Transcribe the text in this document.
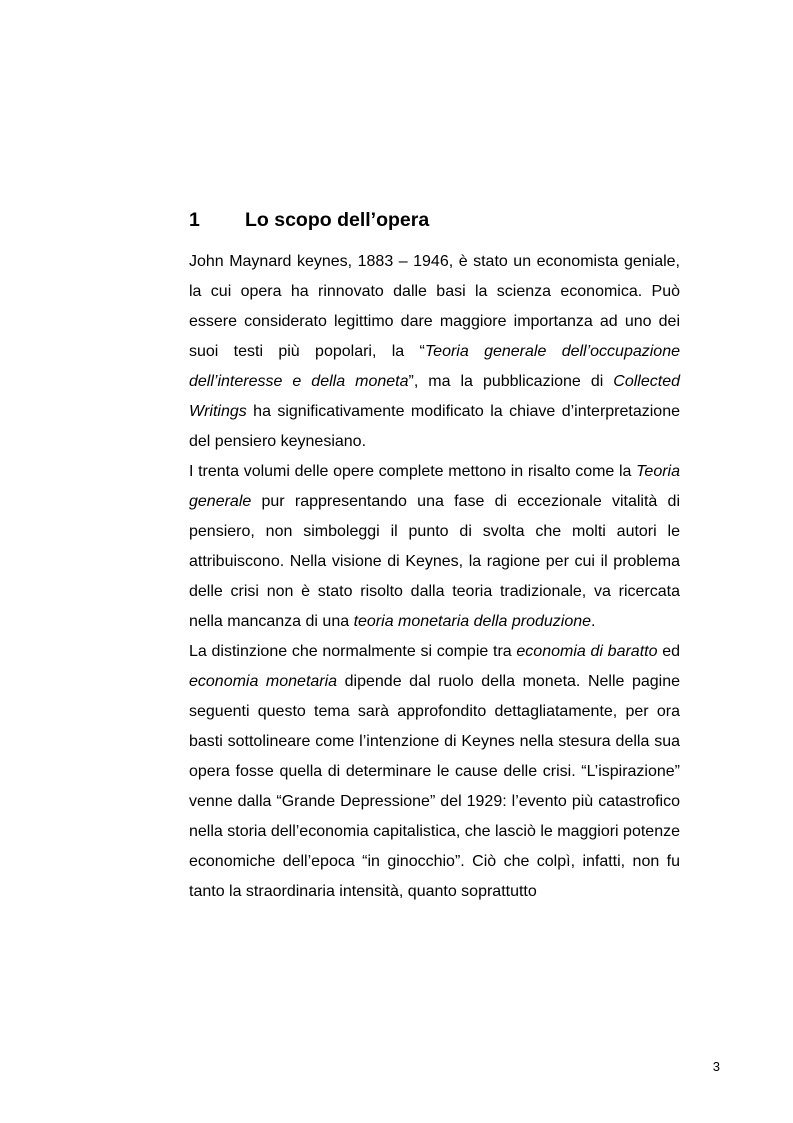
1 Lo scopo dell’opera

John Maynard keynes, 1883 – 1946, è stato un economista geniale, la cui opera ha rinnovato dalle basi la scienza economica. Può essere considerato legittimo dare maggiore importanza ad uno dei suoi testi più popolari, la “Teoria generale dell’occupazione dell’interesse e della moneta”, ma la pubblicazione di Collected Writings ha significativamente modificato la chiave d’interpretazione del pensiero keynesiano.

I trenta volumi delle opere complete mettono in risalto come la Teoria generale pur rappresentando una fase di eccezionale vitalità di pensiero, non simboleggi il punto di svolta che molti autori le attribuiscono. Nella visione di Keynes, la ragione per cui il problema delle crisi non è stato risolto dalla teoria tradizionale, va ricercata nella mancanza di una teoria monetaria della produzione.

La distinzione che normalmente si compie tra economia di baratto ed economia monetaria dipende dal ruolo della moneta. Nelle pagine seguenti questo tema sarà approfondito dettagliatamente, per ora basti sottolineare come l’intenzione di Keynes nella stesura della sua opera fosse quella di determinare le cause delle crisi. “L’ispirazione” venne dalla “Grande Depressione” del 1929: l’evento più catastrofico nella storia dell’economia capitalistica, che lasciò le maggiori potenze economiche dell’epoca “in ginocchio”. Ciò che colpì, infatti, non fu tanto la straordinaria intensità, quanto soprattutto

3
